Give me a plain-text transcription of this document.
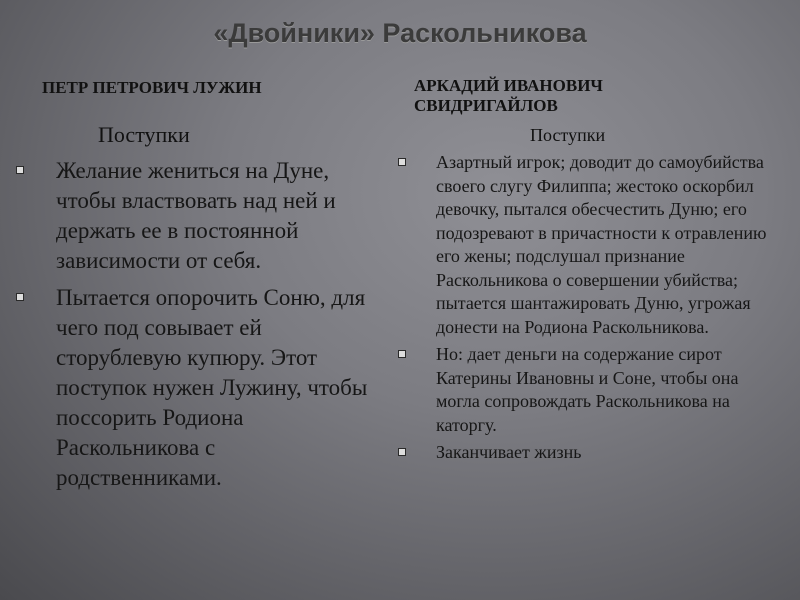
«Двойники» Раскольникова
ПЕТР ПЕТРОВИЧ ЛУЖИН	АРКАДИЙ ИВАНОВИЧ СВИДРИГАЙЛОВ
Поступки	Поступки
Желание жениться на Дуне, чтобы властвовать над ней и держать ее в постоянной зависимости от себя.
Пытается опорочить Соню, для чего под совывает ей сторублевую купюру. Этот поступок нужен Лужину, чтобы поссорить Родиона Раскольникова с родственниками.
Азартный игрок; доводит до самоубийства своего слугу Филиппа; жестоко оскорбил девочку, пытался обесчестить Дуню; его подозревают в причастности к отравлению его жены; подслушал признание Раскольникова о совершении убийства; пытается шантажировать Дуню, угрожая донести на Родиона Раскольникова.
Но: дает деньги на содержание сирот Катерины Ивановны и Соне, чтобы она могла сопровождать Раскольникова на каторгу.
Заканчивает жизнь
